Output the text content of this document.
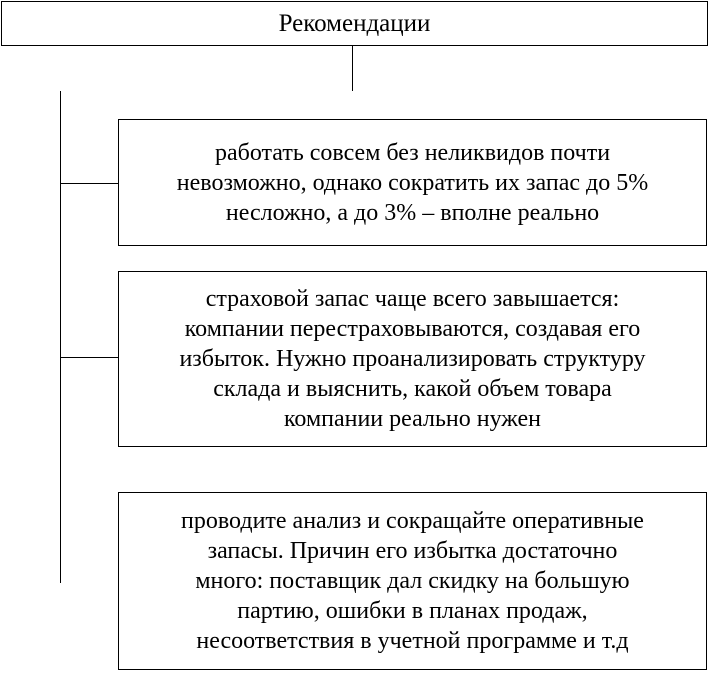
Рекомендации
работать совсем без неликвидов почти
невозможно, однако сократить их запас до 5%
несложно, а до 3% – вполне реально
страховой запас чаще всего завышается:
компании перестраховываются, создавая его
избыток. Нужно проанализировать структуру
склада и выяснить, какой объем товара
компании реально нужен
проводите анализ и сокращайте оперативные
запасы. Причин его избытка достаточно
много: поставщик дал скидку на большую
партию, ошибки в планах продаж,
несоответствия в учетной программе и т.д
